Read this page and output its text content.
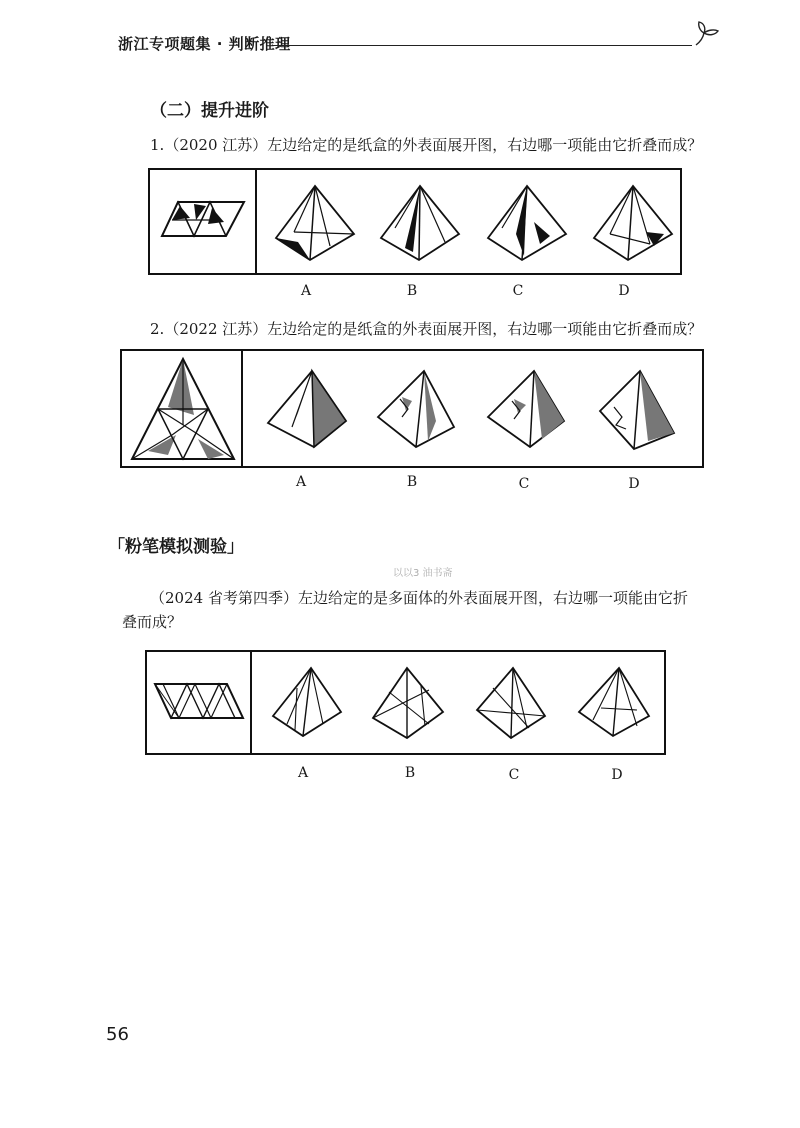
浙江专项题集 · 判断推理
（二）提升进阶
1.（2020 江苏）左边给定的是纸盒的外表面展开图，右边哪一项能由它折叠而成？
A	B	C	D
2.（2022 江苏）左边给定的是纸盒的外表面展开图，右边哪一项能由它折叠而成？
A	B	C	D
「粉笔模拟测验」
以以3 油书斋
（2024 省考第四季）左边给定的是多面体的外表面展开图，右边哪一项能由它折
叠而成？
A	B	C	D
56
